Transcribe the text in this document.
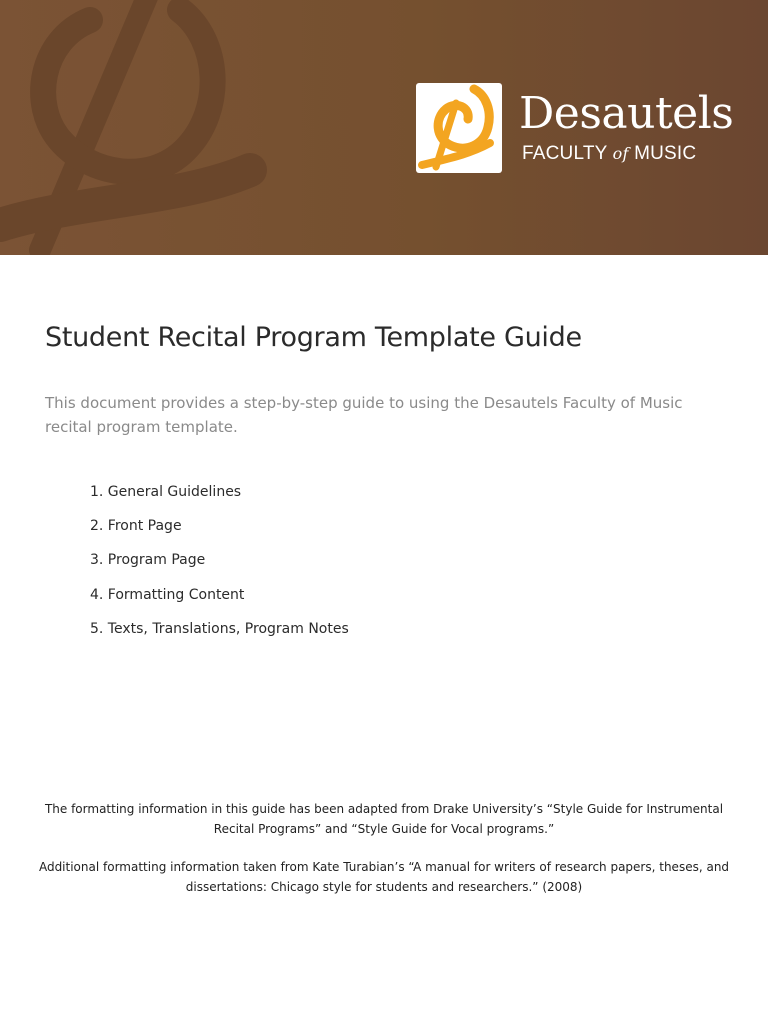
Desautels
FACULTY of MUSIC
Student Recital Program Template Guide

This document provides a step-by-step guide to using the Desautels Faculty of Music recital program template.

1. General Guidelines
2. Front Page
3. Program Page
4. Formatting Content
5. Texts, Translations, Program Notes

The formatting information in this guide has been adapted from Drake University’s “Style Guide for Instrumental Recital Programs” and “Style Guide for Vocal programs.”

Additional formatting information taken from Kate Turabian’s “A manual for writers of research papers, theses, and dissertations: Chicago style for students and researchers.” (2008)
